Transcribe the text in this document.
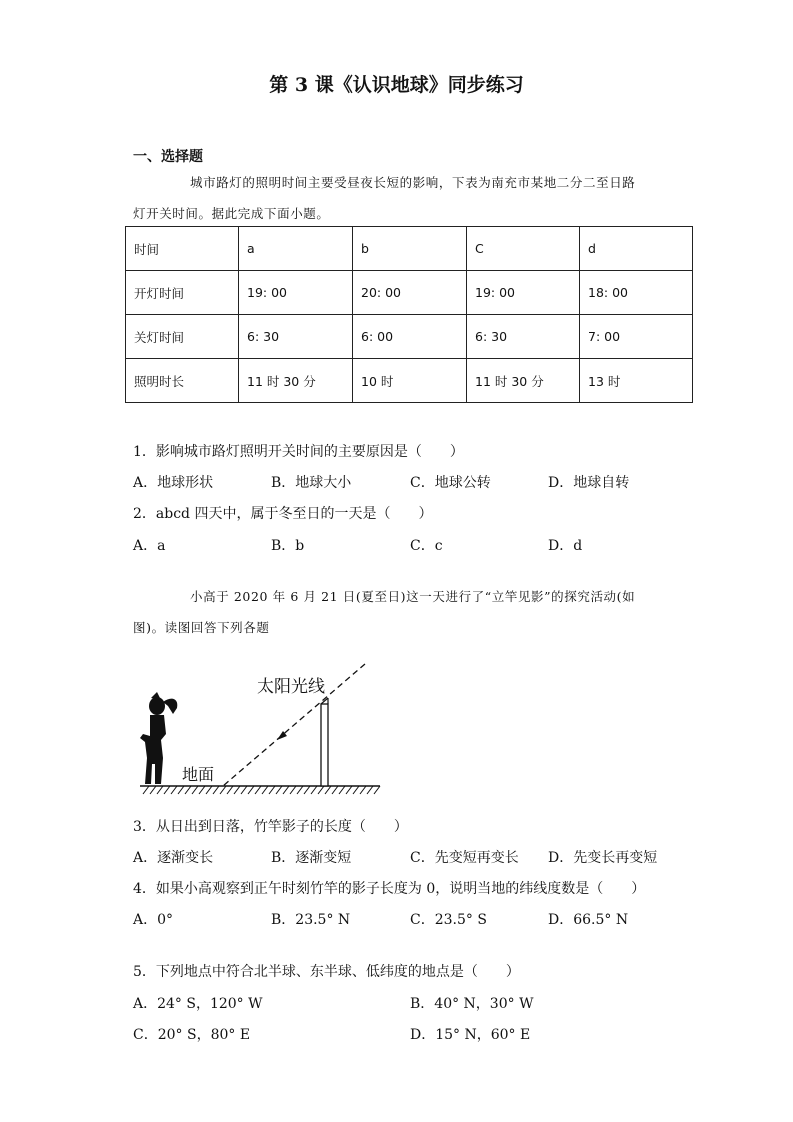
第 3 课《认识地球》同步练习
一、选择题
城市路灯的照明时间主要受昼夜长短的影响，下表为南充市某地二分二至日路
灯开关时间。据此完成下面小题。
时间	a	b	C	d
开灯时间	19: 00	20: 00	19: 00	18: 00
关灯时间	6: 30	6: 00	6: 30	7: 00
照明时长	11 时 30 分	10 时	11 时 30 分	13 时
1．影响城市路灯照明开关时间的主要原因是（　　）
A．地球形状	B．地球大小	C．地球公转	D．地球自转
2．abcd 四天中，属于冬至日的一天是（　　）
A．a	B．b	C．c	D．d
小高于 2020 年 6 月 21 日(夏至日)这一天进行了“立竿见影”的探究活动(如
图)。读图回答下列各题
太阳光线
地面
3．从日出到日落，竹竿影子的长度（　　）
A．逐渐变长	B．逐渐变短	C．先变短再变长 D．先变长再变短
4．如果小高观察到正午时刻竹竿的影子长度为 0，说明当地的纬线度数是（　　）
A．0°	B．23.5° N	C．23.5° S	D．66.5° N
5．下列地点中符合北半球、东半球、低纬度的地点是（　　）
A．24° S，120° W	B．40° N，30° W
C．20° S，80° E	D．15° N，60° E
